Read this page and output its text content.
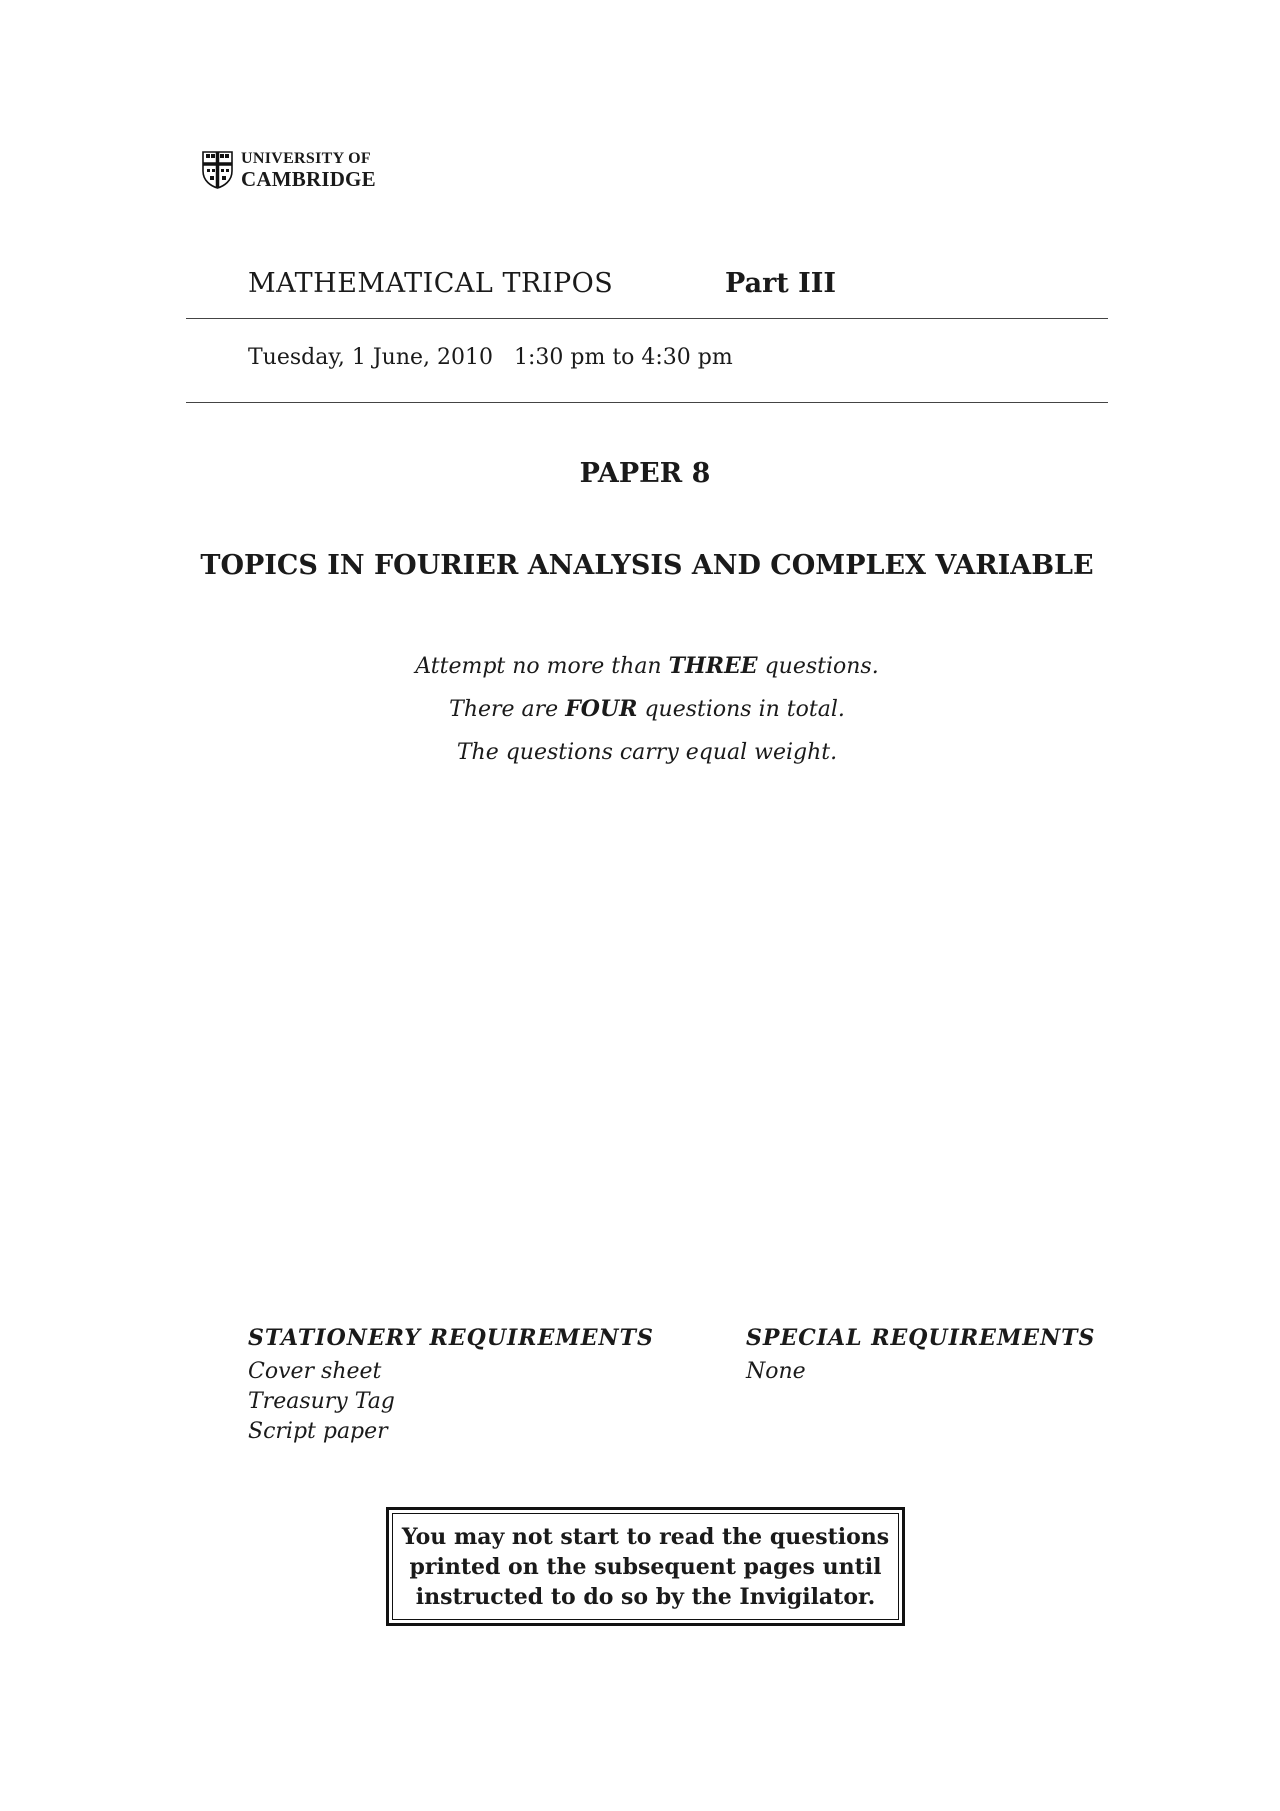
UNIVERSITY OF
CAMBRIDGE
MATHEMATICAL TRIPOS	Part III
Tuesday, 1 June, 2010 1:30 pm to 4:30 pm
PAPER 8
TOPICS IN FOURIER ANALYSIS AND COMPLEX VARIABLE
Attempt no more than THREE questions.
There are FOUR questions in total.
The questions carry equal weight.
STATIONERY REQUIREMENTS
Cover sheet
Treasury Tag
Script paper
SPECIAL REQUIREMENTS
None
You may not start to read the questions
printed on the subsequent pages until
instructed to do so by the Invigilator.
